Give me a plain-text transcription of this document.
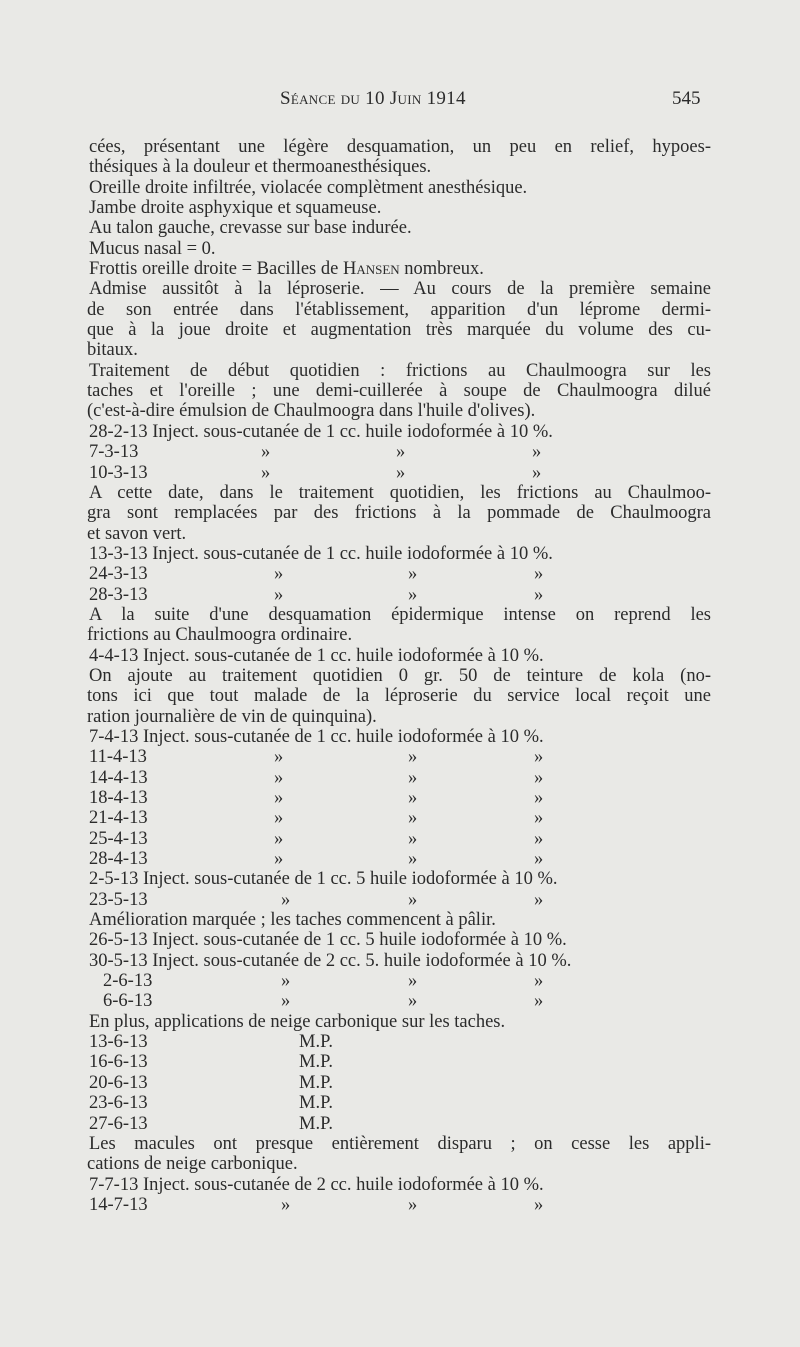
Séance du 10 Juin 1914	545
cées, présentant une légère desquamation, un peu en relief, hypoes-
thésiques à la douleur et thermoanesthésiques.
Oreille droite infiltrée, violacée complètment anesthésique.
Jambe droite asphyxique et squameuse.
Au talon gauche, crevasse sur base indurée.
Mucus nasal = 0.
Frottis oreille droite = Bacilles de Hansen nombreux.
Admise aussitôt à la léproserie. — Au cours de la première semaine
de son entrée dans l'établissement, apparition d'un léprome dermi-
que à la joue droite et augmentation très marquée du volume des cu-
bitaux.
Traitement de début quotidien : frictions au Chaulmoogra sur les
taches et l'oreille ; une demi-cuillerée à soupe de Chaulmoogra dilué
(c'est-à-dire émulsion de Chaulmoogra dans l'huile d'olives).
28-2-13 Inject. sous-cutanée de 1 cc. huile iodoformée à 10 %.
7-3-13	»	»	»
10-3-13	»	»	»
A cette date, dans le traitement quotidien, les frictions au Chaulmoo-
gra sont remplacées par des frictions à la pommade de Chaulmoogra
et savon vert.
13-3-13 Inject. sous-cutanée de 1 cc. huile iodoformée à 10 %.
24-3-13	»	»	»
28-3-13	»	»	»
A la suite d'une desquamation épidermique intense on reprend les
frictions au Chaulmoogra ordinaire.
4-4-13 Inject. sous-cutanée de 1 cc. huile iodoformée à 10 %.
On ajoute au traitement quotidien 0 gr. 50 de teinture de kola (no-
tons ici que tout malade de la léproserie du service local reçoit une
ration journalière de vin de quinquina).
7-4-13 Inject. sous-cutanée de 1 cc. huile iodoformée à 10 %.
11-4-13	»	»	»
14-4-13	»	»	»
18-4-13	»	»	»
21-4-13	»	»	»
25-4-13	»	»	»
28-4-13	»	»	»
2-5-13 Inject. sous-cutanée de 1 cc. 5 huile iodoformée à 10 %.
23-5-13	»	»	»
Amélioration marquée ; les taches commencent à pâlir.
26-5-13 Inject. sous-cutanée de 1 cc. 5 huile iodoformée à 10 %.
30-5-13 Inject. sous-cutanée de 2 cc. 5. huile iodoformée à 10 %.
2-6-13	»	»	»
6-6-13	»	»	»
En plus, applications de neige carbonique sur les taches.
13-6-13	M.P.
16-6-13	M.P.
20-6-13	M.P.
23-6-13	M.P.
27-6-13	M.P.
Les macules ont presque entièrement disparu ; on cesse les appli-
cations de neige carbonique.
7-7-13 Inject. sous-cutanée de 2 cc. huile iodoformée à 10 %.
14-7-13	»	»	»
